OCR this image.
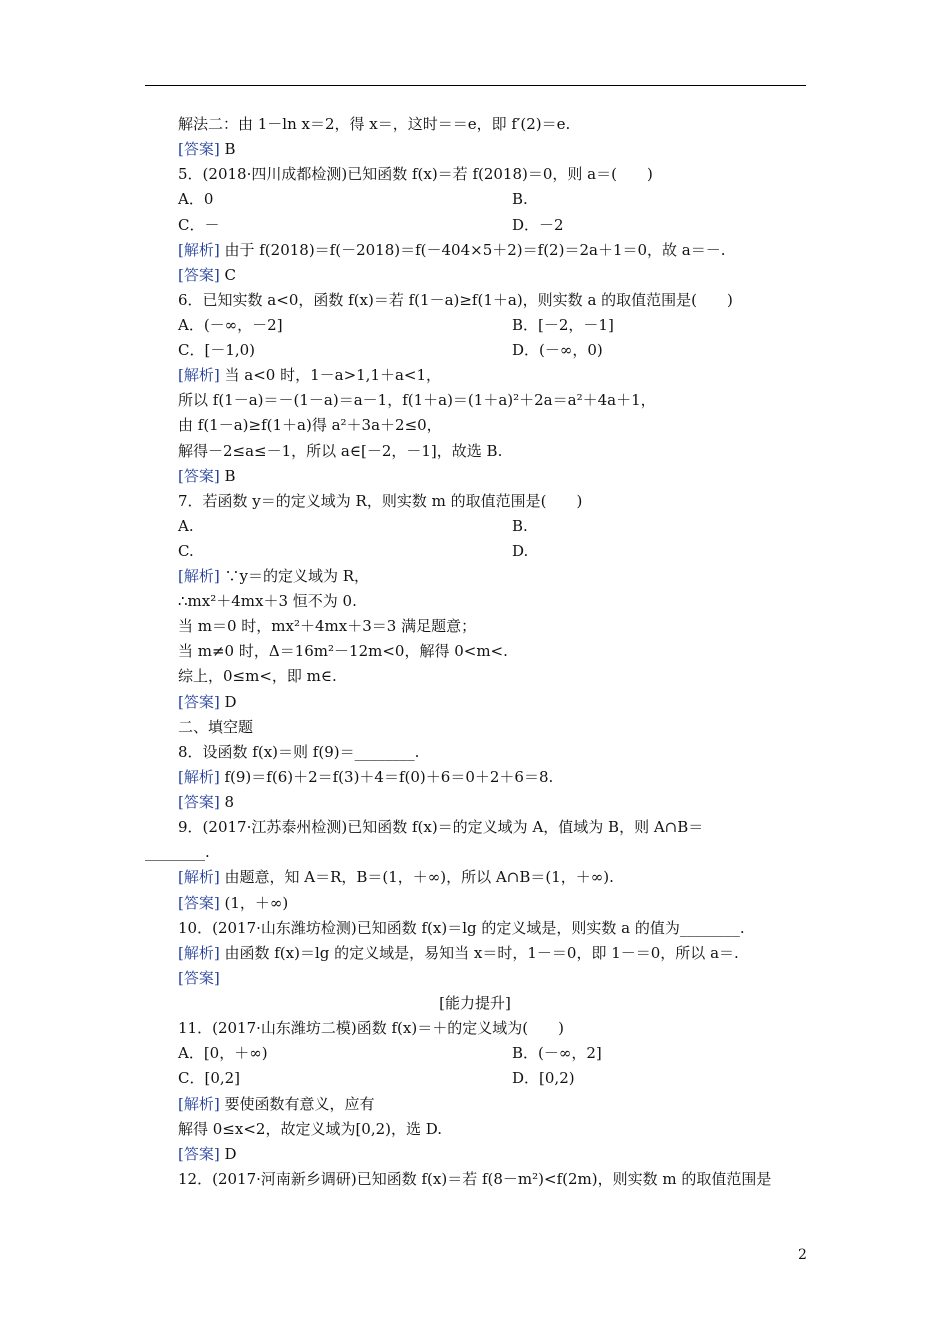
解法二：由 1－ln x＝2，得 x＝，这时＝＝e，即 f′(2)＝e.
[答案] B
5．(2018·四川成都检测)已知函数 f(x)＝若 f(2018)＝0，则 a＝(　　)
A．0	B.
C．－	D．－2
[解析] 由于 f(2018)＝f(－2018)＝f(－404×5＋2)＝f(2)＝2a＋1＝0，故 a＝－.
[答案] C
6．已知实数 a<0，函数 f(x)＝若 f(1－a)≥f(1＋a)，则实数 a 的取值范围是(　　)
A．(－∞，－2]	B．[－2，－1]
C．[－1,0)	D．(－∞，0)
[解析] 当 a<0 时，1－a>1,1＋a<1，
所以 f(1－a)＝－(1－a)＝a－1，f(1＋a)＝(1＋a)²＋2a＝a²＋4a＋1，
由 f(1－a)≥f(1＋a)得 a²＋3a＋2≤0，
解得－2≤a≤－1，所以 a∈[－2，－1]，故选 B.
[答案] B
7．若函数 y＝的定义域为 R，则实数 m 的取值范围是(　　)
A.	B.
C.	D.
[解析] ∵y＝的定义域为 R，
∴mx²＋4mx＋3 恒不为 0.
当 m＝0 时，mx²＋4mx＋3＝3 满足题意；
当 m≠0 时，Δ＝16m²－12m<0，解得 0<m<.
综上，0≤m<，即 m∈.
[答案] D
二、填空题
8．设函数 f(x)＝则 f(9)＝________.
[解析] f(9)＝f(6)＋2＝f(3)＋4＝f(0)＋6＝0＋2＋6＝8.
[答案] 8
9．(2017·江苏泰州检测)已知函数 f(x)＝的定义域为 A，值域为 B，则 A∩B＝
________.
[解析] 由题意，知 A＝R，B＝(1，＋∞)，所以 A∩B＝(1，＋∞).
[答案] (1，＋∞)
10．(2017·山东潍坊检测)已知函数 f(x)＝lg 的定义域是，则实数 a 的值为________.
[解析] 由函数 f(x)＝lg 的定义域是，易知当 x＝时，1－＝0，即 1－＝0，所以 a＝.
[答案]
[能力提升]
11．(2017·山东潍坊二模)函数 f(x)＝＋的定义域为(　　)
A．[0，＋∞)	B．(－∞，2]
C．[0,2]	D．[0,2)
[解析] 要使函数有意义，应有
解得 0≤x<2，故定义域为[0,2)，选 D.
[答案] D
12．(2017·河南新乡调研)已知函数 f(x)＝若 f(8－m²)<f(2m)，则实数 m 的取值范围是
2
